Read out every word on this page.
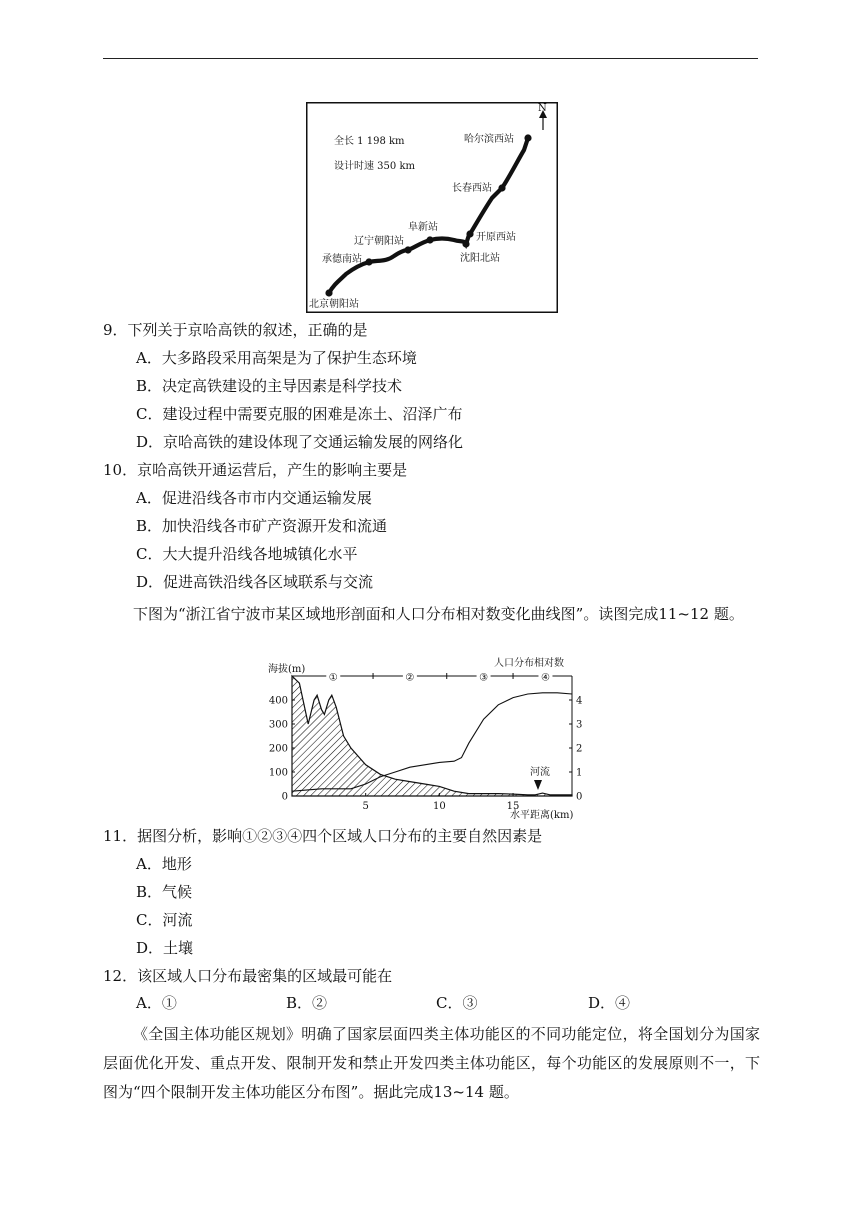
N
全长 1 198 km
设计时速 350 km
哈尔滨西站
长春西站
开原西站
沈阳北站
阜新站
辽宁朝阳站
承德南站
北京朝阳站
9．下列关于京哈高铁的叙述，正确的是
A．大多路段采用高架是为了保护生态环境
B．决定高铁建设的主导因素是科学技术
C．建设过程中需要克服的困难是冻土、沼泽广布
D．京哈高铁的建设体现了交通运输发展的网络化
10．京哈高铁开通运营后，产生的影响主要是
A．促进沿线各市市内交通运输发展
B．加快沿线各市矿产资源开发和流通
C．大大提升沿线各地城镇化水平
D．促进高铁沿线各区域联系与交流
下图为“浙江省宁波市某区域地形剖面和人口分布相对数变化曲线图”。读图完成11~12 题。
0
100
200
300
400
0
1
2
3
4
5	10	15
①	②	③	④
海拔(m)
人口分布相对数
水平距离(km)
河流
11．据图分析，影响①②③④四个区域人口分布的主要自然因素是
A．地形
B．气候
C．河流
D．土壤
12．该区域人口分布最密集的区域最可能在
A．①	B．②	C．③	D．④
《全国主体功能区规划》明确了国家层面四类主体功能区的不同功能定位，将全国划分为国家层面优化开发、重点开发、限制开发和禁止开发四类主体功能区，每个功能区的发展原则不一，下图为“四个限制开发主体功能区分布图”。据此完成13~14 题。
